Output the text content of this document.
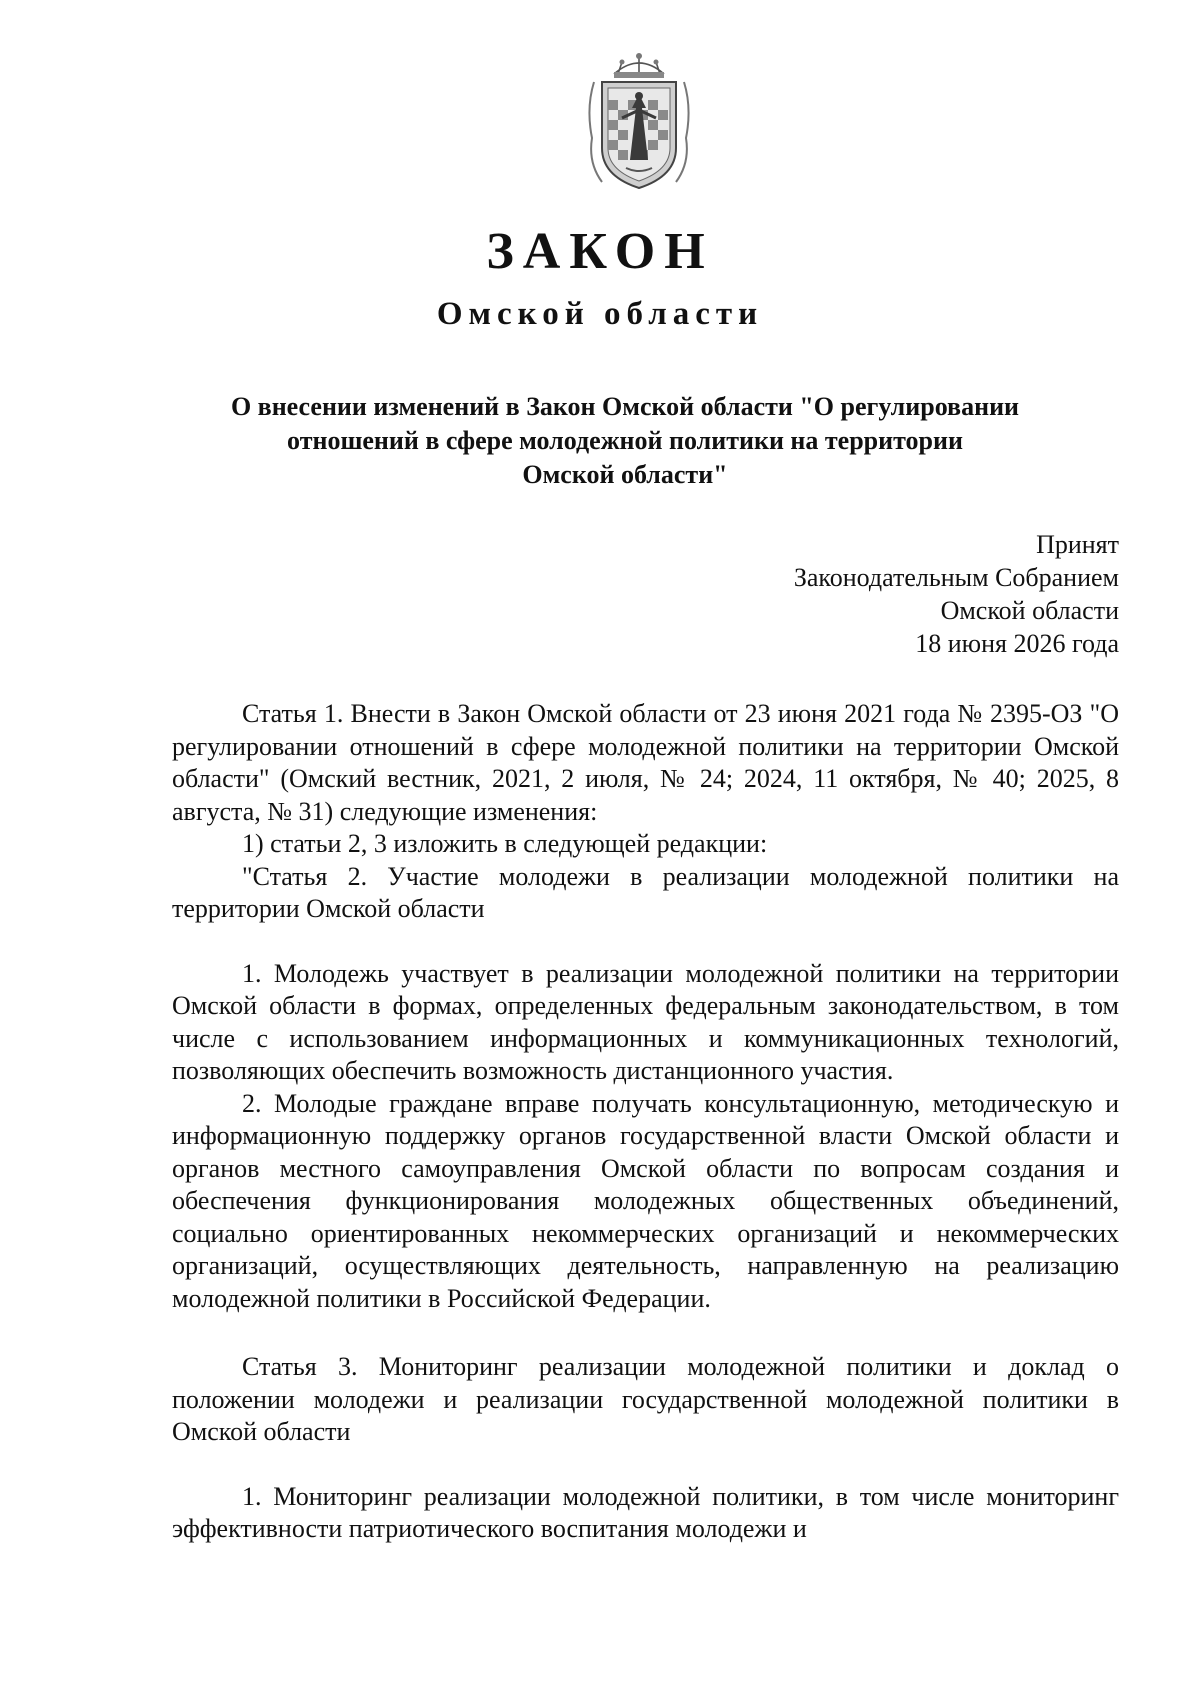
ЗАКОН
Омской области
О внесении изменений в Закон Омской области "О регулировании
отношений в сфере молодежной политики на территории
Омской области"
Принят
Законодательным Собранием
Омской области
18 июня 2026 года

Статья 1. Внести в Закон Омской области от 23 июня 2021 года № 2395-ОЗ "О регулировании отношений в сфере молодежной политики на территории Омской области" (Омский вестник, 2021, 2 июля, № 24; 2024, 11 октября, № 40; 2025, 8 августа, № 31) следующие изменения:

1) статьи 2, 3 изложить в следующей редакции:

"Статья 2. Участие молодежи в реализации молодежной политики на территории Омской области

1. Молодежь участвует в реализации молодежной политики на территории Омской области в формах, определенных федеральным законодательством, в том числе с использованием информационных и коммуникационных технологий, позволяющих обеспечить возможность дистанционного участия.

2. Молодые граждане вправе получать консультационную, методическую и информационную поддержку органов государственной власти Омской области и органов местного самоуправления Омской области по вопросам создания и обеспечения функционирования молодежных общественных объединений, социально ориентированных некоммерческих организаций и некоммерческих организаций, осуществляющих деятельность, направленную на реализацию молодежной политики в Российской Федерации.

Статья 3. Мониторинг реализации молодежной политики и доклад о положении молодежи и реализации государственной молодежной политики в Омской области

1. Мониторинг реализации молодежной политики, в том числе мониторинг эффективности патриотического воспитания молодежи и
